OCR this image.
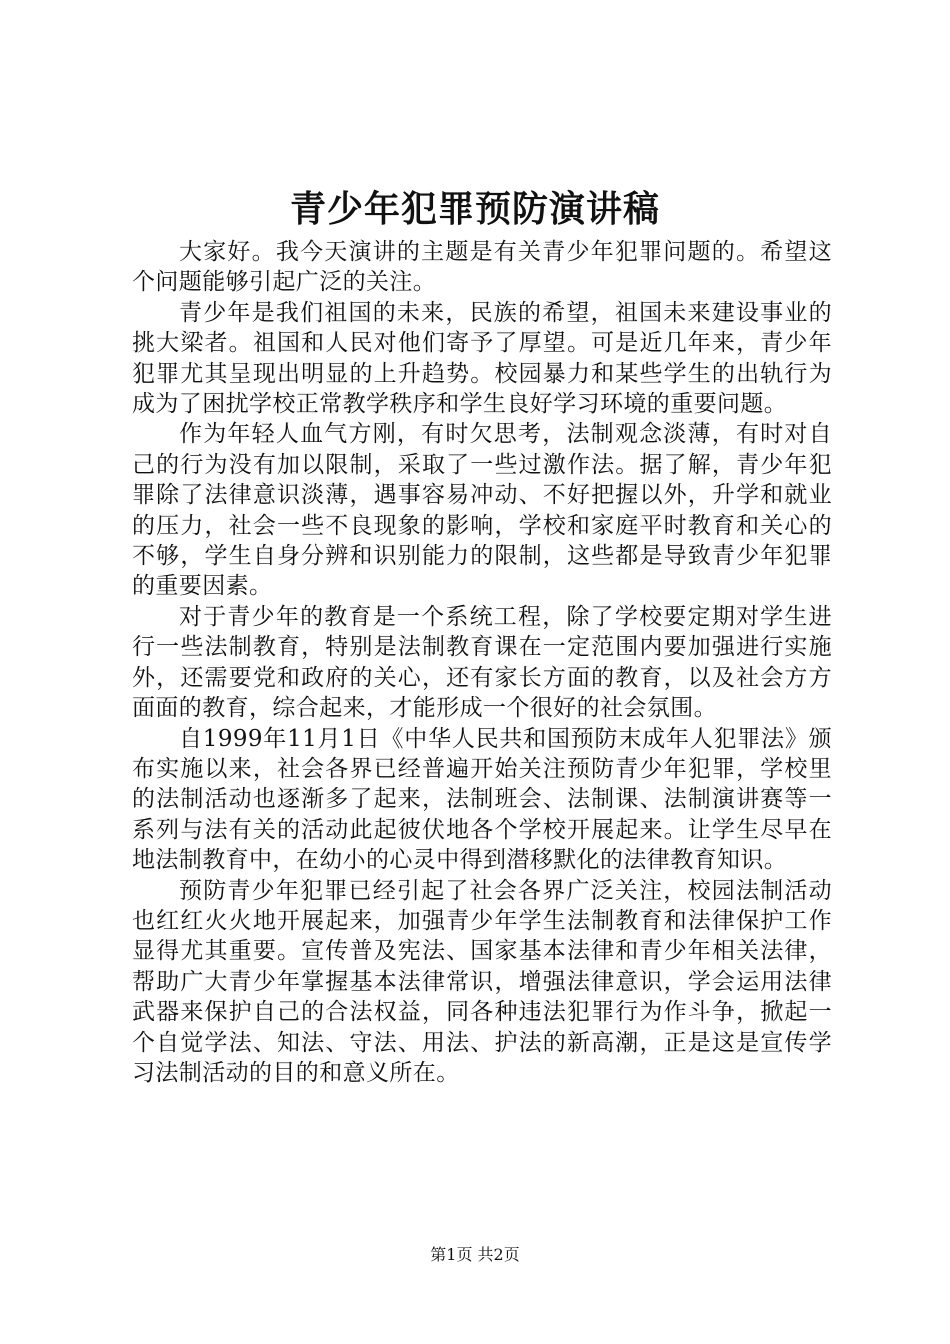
青少年犯罪预防演讲稿

大家好。我今天演讲的主题是有关青少年犯罪问题的。希望这个问题能够引起广泛的关注。

青少年是我们祖国的未来，民族的希望，祖国未来建设事业的挑大梁者。祖国和人民对他们寄予了厚望。可是近几年来，青少年犯罪尤其呈现出明显的上升趋势。校园暴力和某些学生的出轨行为成为了困扰学校正常教学秩序和学生良好学习环境的重要问题。

作为年轻人血气方刚，有时欠思考，法制观念淡薄，有时对自己的行为没有加以限制，采取了一些过激作法。据了解，青少年犯罪除了法律意识淡薄，遇事容易冲动、不好把握以外，升学和就业的压力，社会一些不良现象的影响，学校和家庭平时教育和关心的不够，学生自身分辨和识别能力的限制，这些都是导致青少年犯罪的重要因素。

对于青少年的教育是一个系统工程，除了学校要定期对学生进行一些法制教育，特别是法制教育课在一定范围内要加强进行实施外，还需要党和政府的关心，还有家长方面的教育，以及社会方方面面的教育，综合起来，才能形成一个很好的社会氛围。

自1999年11月1日《中华人民共和国预防末成年人犯罪法》颁布实施以来，社会各界已经普遍开始关注预防青少年犯罪，学校里的法制活动也逐渐多了起来，法制班会、法制课、法制演讲赛等一系列与法有关的活动此起彼伏地各个学校开展起来。让学生尽早在地法制教育中，在幼小的心灵中得到潜移默化的法律教育知识。

预防青少年犯罪已经引起了社会各界广泛关注，校园法制活动也红红火火地开展起来，加强青少年学生法制教育和法律保护工作显得尤其重要。宣传普及宪法、国家基本法律和青少年相关法律，帮助广大青少年掌握基本法律常识，增强法律意识，学会运用法律武器来保护自己的合法权益，同各种违法犯罪行为作斗争，掀起一个自觉学法、知法、守法、用法、护法的新高潮，正是这是宣传学习法制活动的目的和意义所在。

第1页 共2页
